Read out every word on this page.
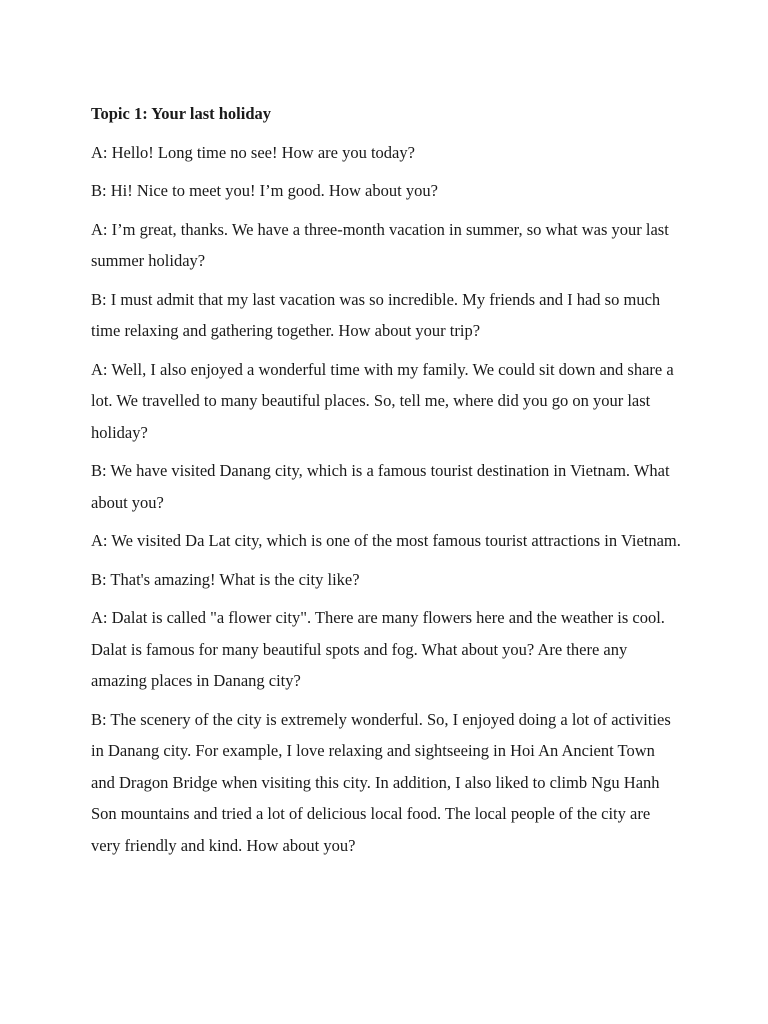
Topic 1: Your last holiday
A: Hello! Long time no see! How are you today?
B: Hi! Nice to meet you! I’m good. How about you?
A: I’m great, thanks. We have a three-month vacation in summer, so what was your last summer holiday?
B: I must admit that my last vacation was so incredible. My friends and I had so much time relaxing and gathering together. How about your trip?
A: Well, I also enjoyed a wonderful time with my family. We could sit down and share a lot. We travelled to many beautiful places. So, tell me, where did you go on your last holiday?
B: We have visited Danang city, which is a famous tourist destination in Vietnam. What about you?
A: We visited Da Lat city, which is one of the most famous tourist attractions in Vietnam.
B: That's amazing! What is the city like?
A: Dalat is called "a flower city". There are many flowers here and the weather is cool. Dalat is famous for many beautiful spots and fog. What about you? Are there any amazing places in Danang city?
B: The scenery of the city is extremely wonderful. So, I enjoyed doing a lot of activities in Danang city. For example, I love relaxing and sightseeing in Hoi An Ancient Town and Dragon Bridge when visiting this city. In addition, I also liked to climb Ngu Hanh Son mountains and tried a lot of delicious local food. The local people of the city are very friendly and kind. How about you?
